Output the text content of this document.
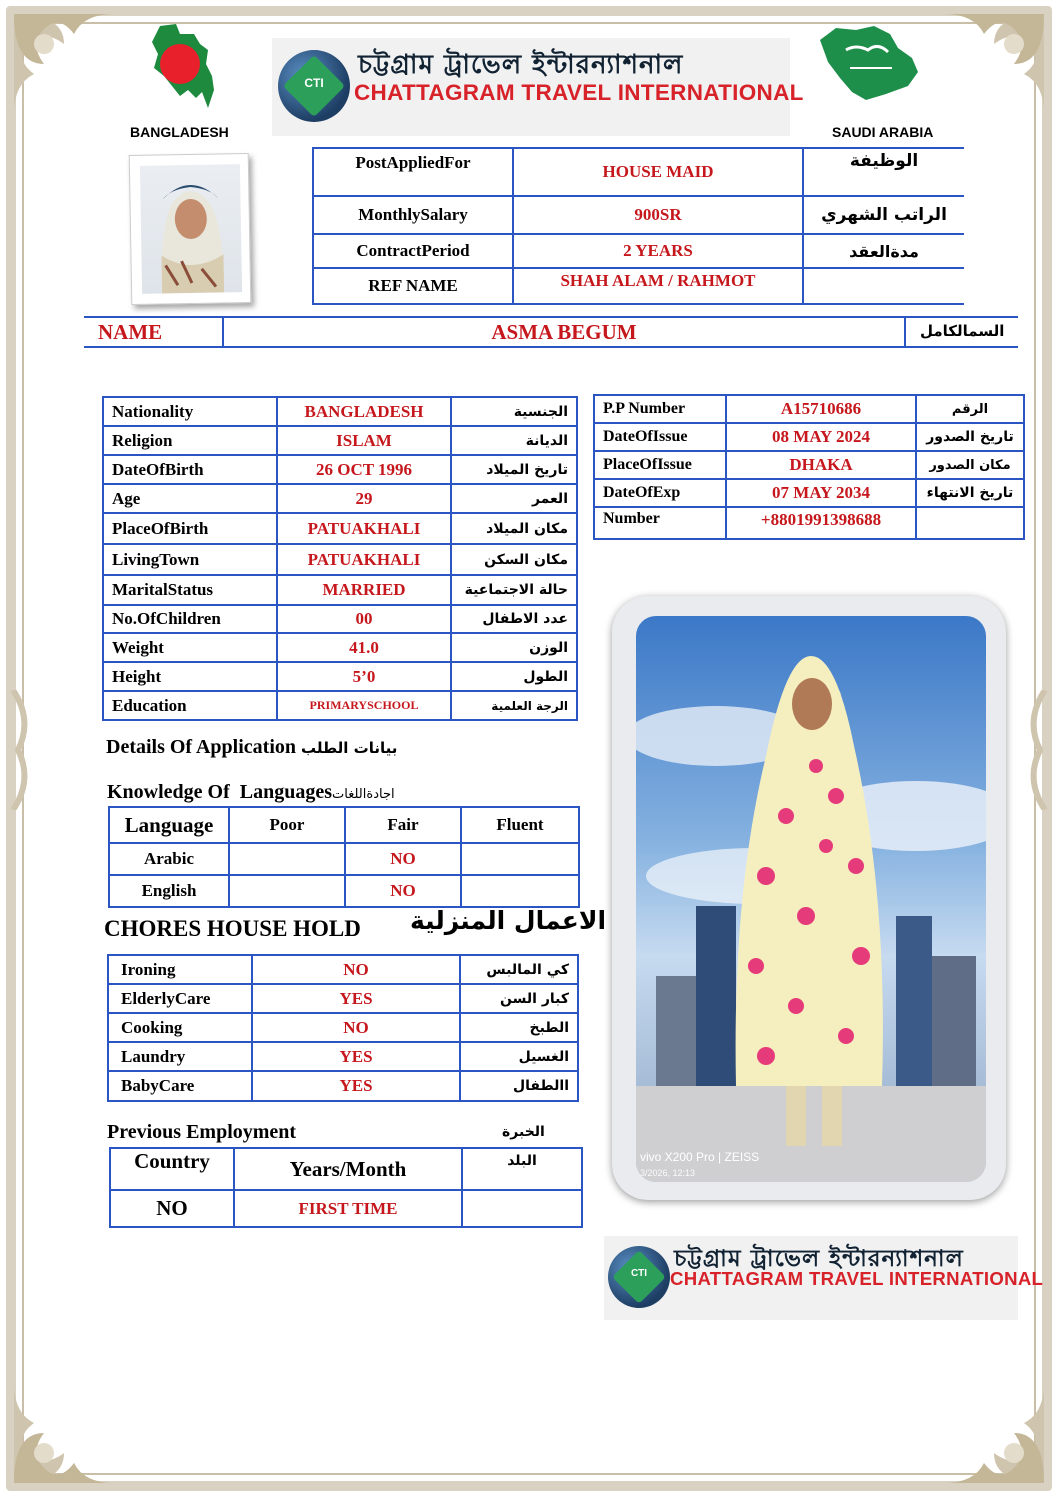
BANGLADESH	SAUDI ARABIA
CTI
চট্টগ্রাম ট্রাভেল ইন্টারন্যাশনাল
CHATTAGRAM TRAVEL INTERNATIONAL
PostAppliedFor	HOUSE MAID	الوظيفة
MonthlySalary	900SR	الراتب الشهري
ContractPeriod	2 YEARS	مدةالعقد
REF NAME	SHAH ALAM / RAHMOT	
NAME	ASMA BEGUM	السمالكامل
Nationality	BANGLADESH	الجنسية
Religion	ISLAM	الديانة
DateOfBirth	26 OCT 1996	تاريخ الميلاد
Age	29	العمر
PlaceOfBirth	PATUAKHALI	مكان الميلاد
LivingTown	PATUAKHALI	مكان السكن
MaritalStatus	MARRIED	حالة الاجتماعية
No.OfChildren	00	عدد الاطفال
Weight	41.0	الوزن
Height	5’0	الطول
Education	PRIMARYSCHOOL	الرجة العلمية
P.P Number	A15710686	الرقم
DateOfIssue	08 MAY 2024	تاريخ الصدور
PlaceOfIssue	DHAKA	مكان الصدور
DateOfExp	07 MAY 2034	تاريخ الانتهاء
Number	+8801991398688	
Details Of Application بيانات الطلب
Knowledge Of  Languagesاجادةاللغات
Language	Poor	Fair	Fluent
Arabic		NO	
English		NO	
CHORES HOUSE HOLD الاعمال المنزلية
Ironing	NO	كي المالبس
ElderlyCare	YES	كبار السن
Cooking	NO	الطبخ
Laundry	YES	الغسيل
BabyCare	YES	االطفال
Previous Employment	الخبرة
Country	Years/Month	البلد
NO	FIRST TIME	
vivo X200 Pro | ZEISS
3/2026, 12:13
CTI
চট্টগ্রাম ট্রাভেল ইন্টারন্যাশনাল
CHATTAGRAM TRAVEL INTERNATIONAL
